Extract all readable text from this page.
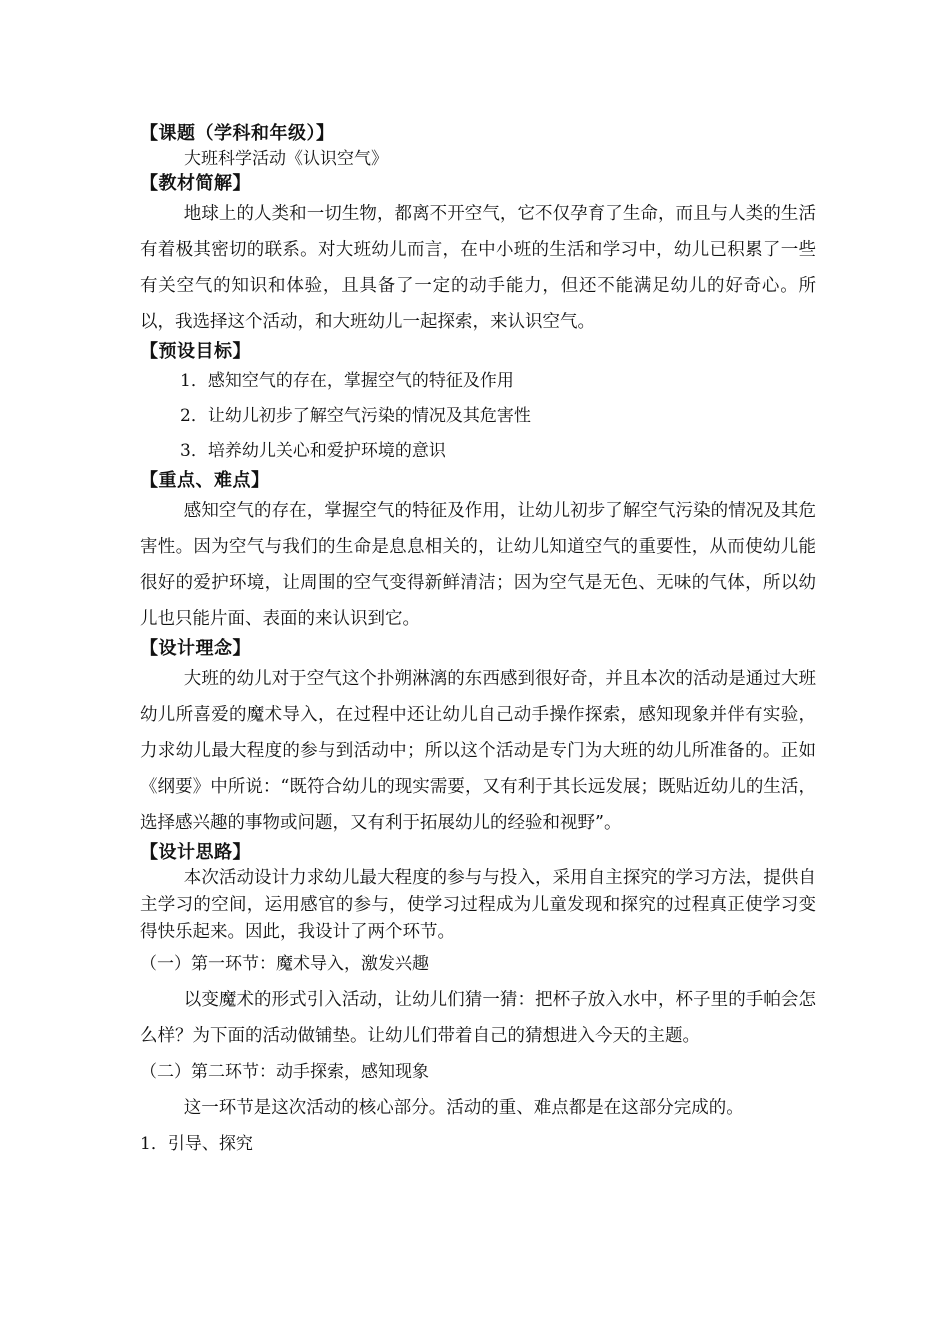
【课题（学科和年级）】
大班科学活动《认识空气》
【教材简解】
地球上的人类和一切生物，都离不开空气，它不仅孕育了生命，而且与人类的生活有着极其密切的联系。对大班幼儿而言，在中小班的生活和学习中，幼儿已积累了一些有关空气的知识和体验，且具备了一定的动手能力，但还不能满足幼儿的好奇心。所以，我选择这个活动，和大班幼儿一起探索，来认识空气。
【预设目标】
1．感知空气的存在，掌握空气的特征及作用
2．让幼儿初步了解空气污染的情况及其危害性
3．培养幼儿关心和爱护环境的意识
【重点、难点】
感知空气的存在，掌握空气的特征及作用，让幼儿初步了解空气污染的情况及其危害性。因为空气与我们的生命是息息相关的，让幼儿知道空气的重要性，从而使幼儿能很好的爱护环境，让周围的空气变得新鲜清洁；因为空气是无色、无味的气体，所以幼儿也只能片面、表面的来认识到它。
【设计理念】
大班的幼儿对于空气这个扑朔淋漓的东西感到很好奇，并且本次的活动是通过大班幼儿所喜爱的魔术导入，在过程中还让幼儿自己动手操作探索，感知现象并伴有实验，力求幼儿最大程度的参与到活动中；所以这个活动是专门为大班的幼儿所准备的。正如《纲要》中所说：“既符合幼儿的现实需要，又有利于其长远发展；既贴近幼儿的生活，选择感兴趣的事物或问题，又有利于拓展幼儿的经验和视野”。
【设计思路】
本次活动设计力求幼儿最大程度的参与与投入，采用自主探究的学习方法，提供自主学习的空间，运用感官的参与，使学习过程成为儿童发现和探究的过程真正使学习变得快乐起来。因此，我设计了两个环节。
（一）第一环节：魔术导入，激发兴趣
以变魔术的形式引入活动，让幼儿们猜一猜：把杯子放入水中，杯子里的手帕会怎么样？为下面的活动做铺垫。让幼儿们带着自己的猜想进入今天的主题。
（二）第二环节：动手探索，感知现象
这一环节是这次活动的核心部分。活动的重、难点都是在这部分完成的。
1．引导、探究
